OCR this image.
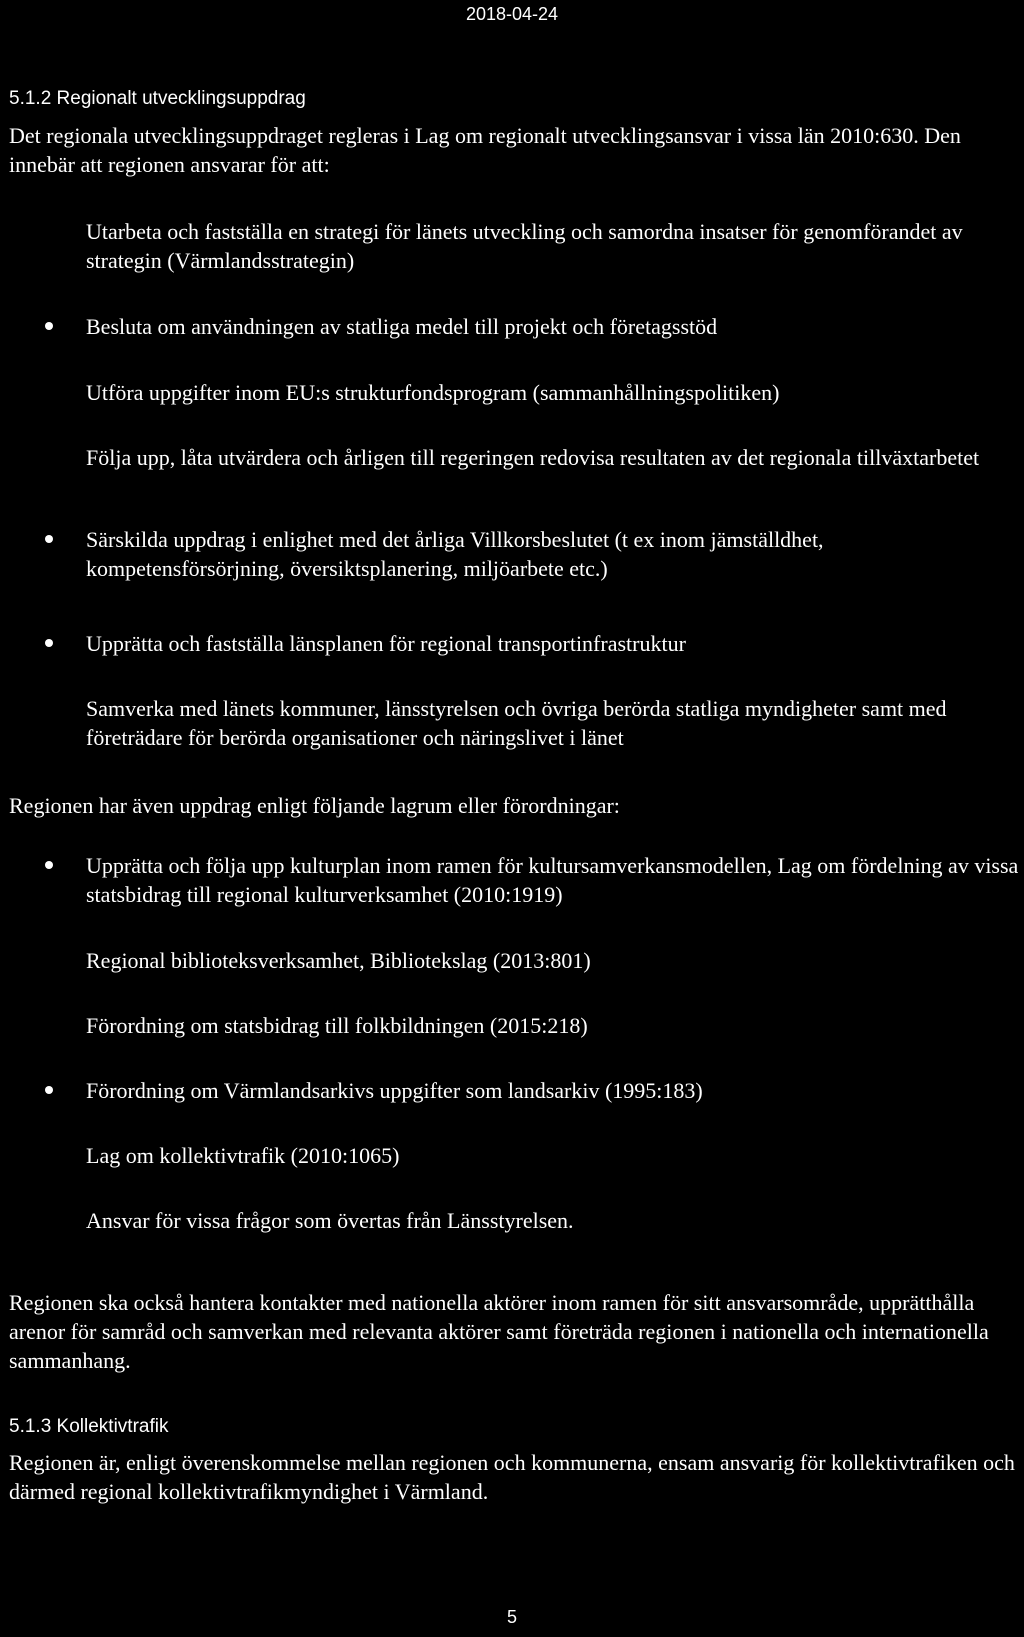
2018-04-24
5.1.2 Regionalt utvecklingsuppdrag

Det regionala utvecklingsuppdraget regleras i Lag om regionalt utvecklingsansvar i vissa län 2010:630. Den innebär att regionen ansvarar för att:

Utarbeta och fastställa en strategi för länets utveckling och samordna insatser för genomförandet av strategin (Värmlandsstrategin)

Besluta om användningen av statliga medel till projekt och företagsstöd

Utföra uppgifter inom EU:s strukturfondsprogram (sammanhållningspolitiken)

Följa upp, låta utvärdera och årligen till regeringen redovisa resultaten av det regionala tillväxtarbetet

Särskilda uppdrag i enlighet med det årliga Villkorsbeslutet (t ex inom jämställdhet, kompetensförsörjning, översiktsplanering, miljöarbete etc.)

Upprätta och fastställa länsplanen för regional transportinfrastruktur

Samverka med länets kommuner, länsstyrelsen och övriga berörda statliga myndigheter samt med företrädare för berörda organisationer och näringslivet i länet

Regionen har även uppdrag enligt följande lagrum eller förordningar:

Upprätta och följa upp kulturplan inom ramen för kultursamverkansmodellen, Lag om fördelning av vissa statsbidrag till regional kulturverksamhet (2010:1919)

Regional biblioteksverksamhet, Bibliotekslag (2013:801)

Förordning om statsbidrag till folkbildningen (2015:218)

Förordning om Värmlandsarkivs uppgifter som landsarkiv (1995:183)

Lag om kollektivtrafik (2010:1065)

Ansvar för vissa frågor som övertas från Länsstyrelsen.

Regionen ska också hantera kontakter med nationella aktörer inom ramen för sitt ansvarsområde, upprätthålla arenor för samråd och samverkan med relevanta aktörer samt företräda regionen i nationella och internationella sammanhang.

5.1.3 Kollektivtrafik

Regionen är, enligt överenskommelse mellan regionen och kommunerna, ensam ansvarig för kollektivtrafiken och därmed regional kollektivtrafikmyndighet i Värmland.

5
